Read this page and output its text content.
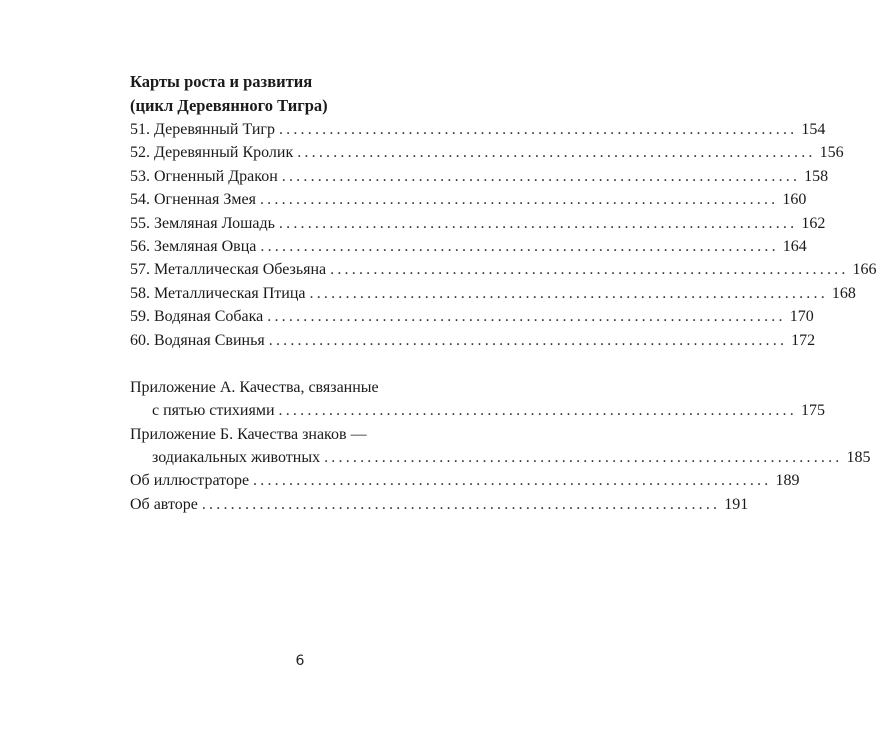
Карты роста и развития
(цикл Деревянного Тигра)
51. Деревянный Тигр ........................................................................ 154
52. Деревянный Кролик ........................................................................ 156
53. Огненный Дракон ........................................................................ 158
54. Огненная Змея ........................................................................ 160
55. Земляная Лошадь ........................................................................ 162
56. Земляная Овца ........................................................................ 164
57. Металлическая Обезьяна ........................................................................ 166
58. Металлическая Птица ........................................................................ 168
59. Водяная Собака ........................................................................ 170
60. Водяная Свинья ........................................................................ 172
Приложение А. Качества, связанные
с пятью стихиями ........................................................................ 175
Приложение Б. Качества знаков —
зодиакальных животных ........................................................................ 185
Об иллюстраторе ........................................................................ 189
Об авторе ........................................................................ 191
6
